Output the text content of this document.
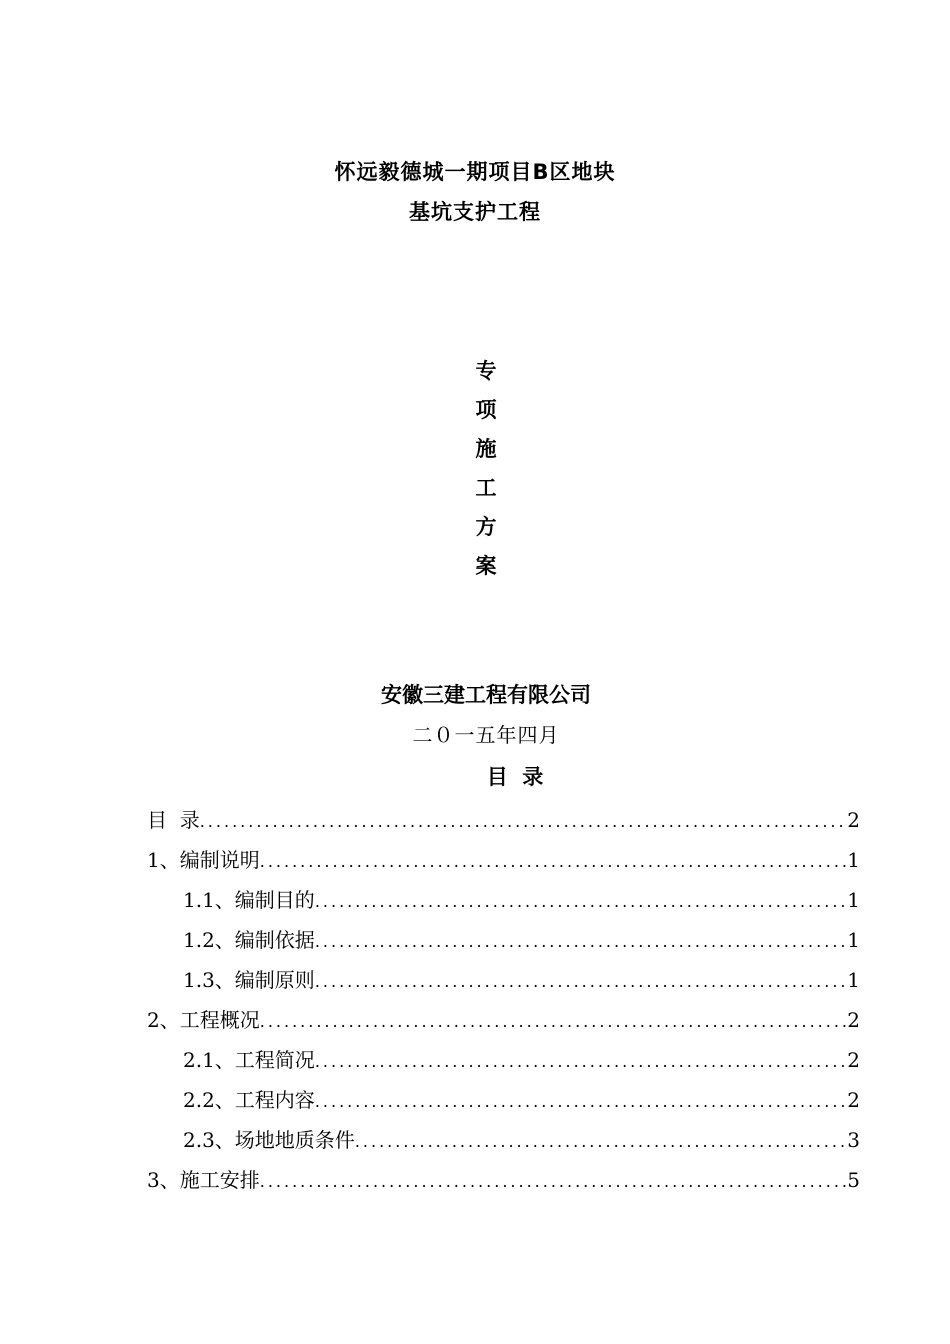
怀远毅德城一期项目B区地块
基坑支护工程
专
项
施
工
方
案
安徽三建工程有限公司
二０一五年四月
目  录
目  录 .....	2
1、编制说明 .....	1
1.1、编制目的 .....	1
1.2、编制依据 .....	1
1.3、编制原则 .....	1
2、工程概况 .....	2
2.1、工程简况 .....	2
2.2、工程内容 .....	2
2.3、场地地质条件 .....	3
3、施工安排 .....	5
